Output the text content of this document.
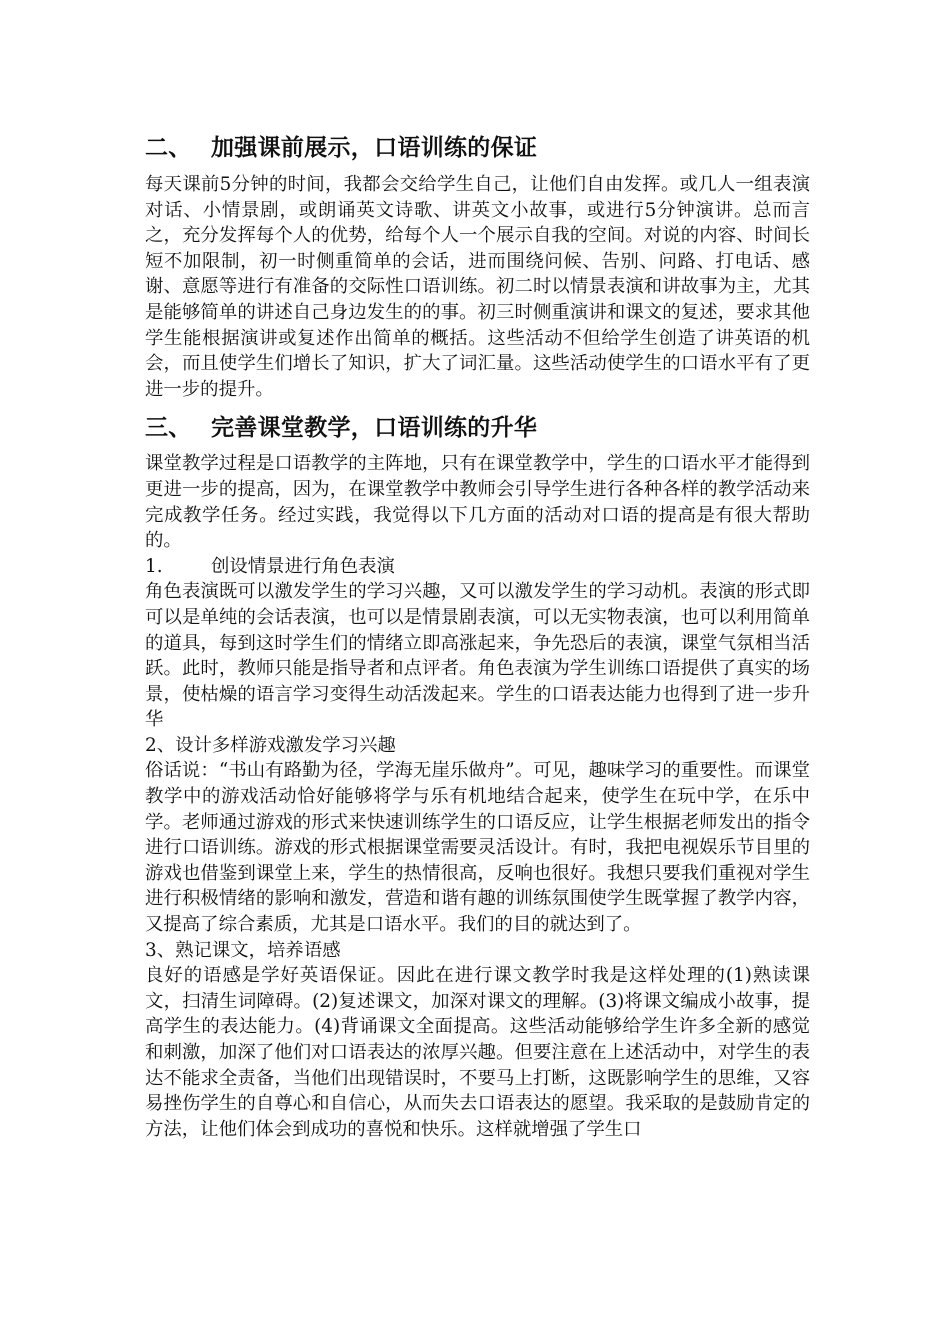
二、 加强课前展示，口语训练的保证

每天课前5分钟的时间，我都会交给学生自己，让他们自由发挥。或几人一组表演对话、小情景剧，或朗诵英文诗歌、讲英文小故事，或进行5分钟演讲。总而言之，充分发挥每个人的优势，给每个人一个展示自我的空间。对说的内容、时间长短不加限制，初一时侧重简单的会话，进而围绕问候、告别、问路、打电话、感谢、意愿等进行有准备的交际性口语训练。初二时以情景表演和讲故事为主，尤其是能够简单的讲述自己身边发生的的事。初三时侧重演讲和课文的复述，要求其他学生能根据演讲或复述作出简单的概括。这些活动不但给学生创造了讲英语的机会，而且使学生们增长了知识，扩大了词汇量。这些活动使学生的口语水平有了更进一步的提升。

三、 完善课堂教学，口语训练的升华

课堂教学过程是口语教学的主阵地，只有在课堂教学中，学生的口语水平才能得到更进一步的提高，因为，在课堂教学中教师会引导学生进行各种各样的教学活动来完成教学任务。经过实践，我觉得以下几方面的活动对口语的提高是有很大帮助的。

1.	创设情景进行角色表演

角色表演既可以激发学生的学习兴趣，又可以激发学生的学习动机。表演的形式即可以是单纯的会话表演，也可以是情景剧表演，可以无实物表演，也可以利用简单的道具，每到这时学生们的情绪立即高涨起来，争先恐后的表演，课堂气氛相当活跃。此时，教师只能是指导者和点评者。角色表演为学生训练口语提供了真实的场景，使枯燥的语言学习变得生动活泼起来。学生的口语表达能力也得到了进一步升华

2、设计多样游戏激发学习兴趣

俗话说：“书山有路勤为径，学海无崖乐做舟”。可见，趣味学习的重要性。而课堂教学中的游戏活动恰好能够将学与乐有机地结合起来，使学生在玩中学，在乐中学。老师通过游戏的形式来快速训练学生的口语反应，让学生根据老师发出的指令进行口语训练。游戏的形式根据课堂需要灵活设计。有时，我把电视娱乐节目里的游戏也借鉴到课堂上来，学生的热情很高，反响也很好。我想只要我们重视对学生进行积极情绪的影响和激发，营造和谐有趣的训练氛围使学生既掌握了教学内容，又提高了综合素质，尤其是口语水平。我们的目的就达到了。

3、熟记课文，培养语感

良好的语感是学好英语保证。因此在进行课文教学时我是这样处理的(1)熟读课文，扫清生词障碍。(2)复述课文，加深对课文的理解。(3)将课文编成小故事，提高学生的表达能力。(4)背诵课文全面提高。这些活动能够给学生许多全新的感觉和刺激，加深了他们对口语表达的浓厚兴趣。但要注意在上述活动中，对学生的表达不能求全责备，当他们出现错误时，不要马上打断，这既影响学生的思维，又容易挫伤学生的自尊心和自信心，从而失去口语表达的愿望。我采取的是鼓励肯定的方法，让他们体会到成功的喜悦和快乐。这样就增强了学生口
